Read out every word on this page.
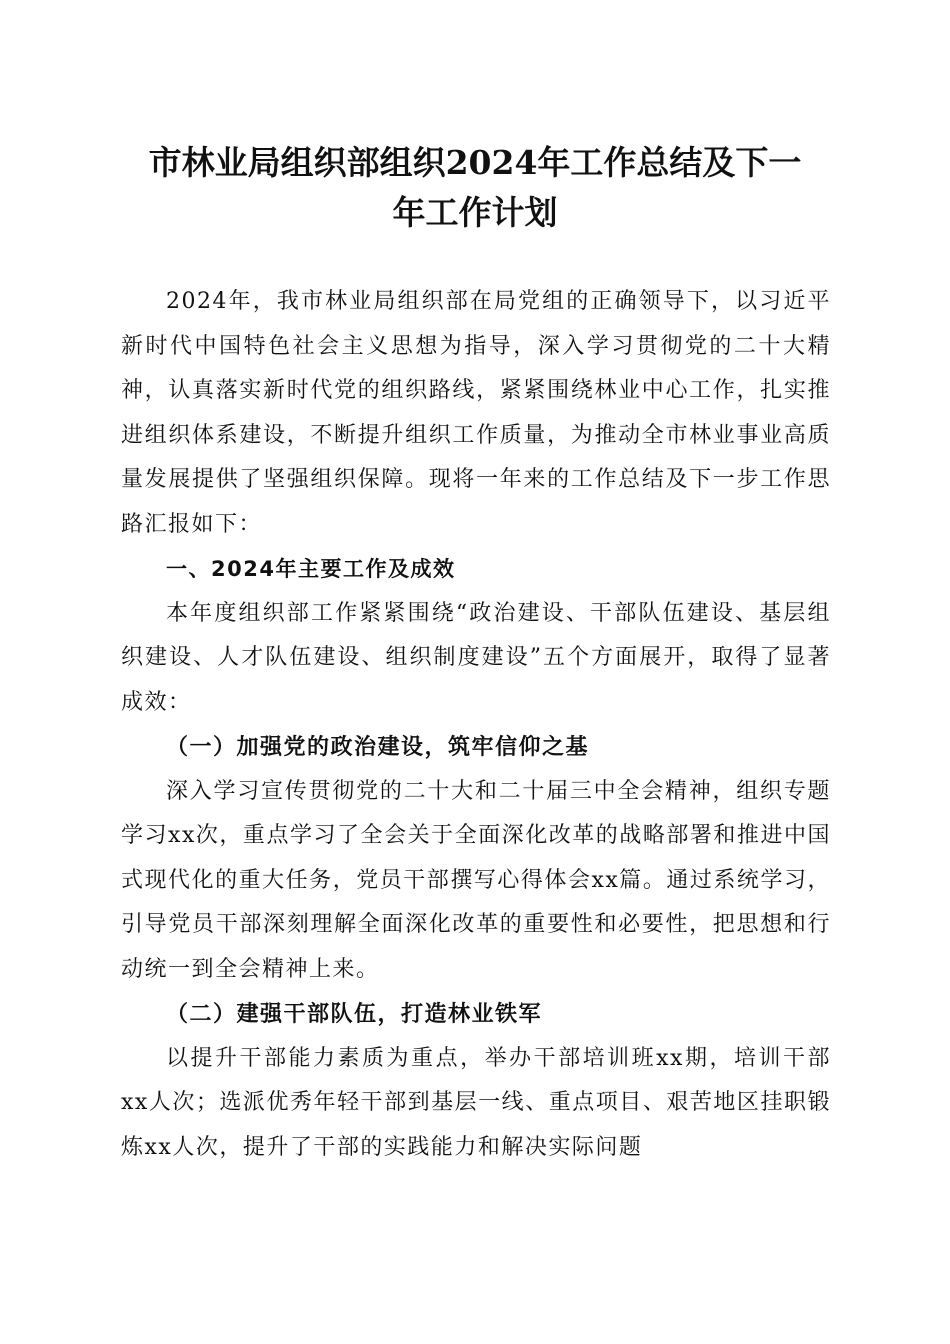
市林业局组织部组织2024年工作总结及下一
年工作计划

2024年，我市林业局组织部在局党组的正确领导下，以习近平新时代中国特色社会主义思想为指导，深入学习贯彻党的二十大精神，认真落实新时代党的组织路线，紧紧围绕林业中心工作，扎实推进组织体系建设，不断提升组织工作质量，为推动全市林业事业高质量发展提供了坚强组织保障。现将一年来的工作总结及下一步工作思路汇报如下：

一、2024年主要工作及成效

本年度组织部工作紧紧围绕“政治建设、干部队伍建设、基层组织建设、人才队伍建设、组织制度建设”五个方面展开，取得了显著成效：

（一）加强党的政治建设，筑牢信仰之基

深入学习宣传贯彻党的二十大和二十届三中全会精神，组织专题学习xx次，重点学习了全会关于全面深化改革的战略部署和推进中国式现代化的重大任务，党员干部撰写心得体会xx篇。通过系统学习，引导党员干部深刻理解全面深化改革的重要性和必要性，把思想和行动统一到全会精神上来。

（二）建强干部队伍，打造林业铁军

以提升干部能力素质为重点，举办干部培训班xx期，培训干部xx人次；选派优秀年轻干部到基层一线、重点项目、艰苦地区挂职锻炼xx人次，提升了干部的实践能力和解决实际问题
